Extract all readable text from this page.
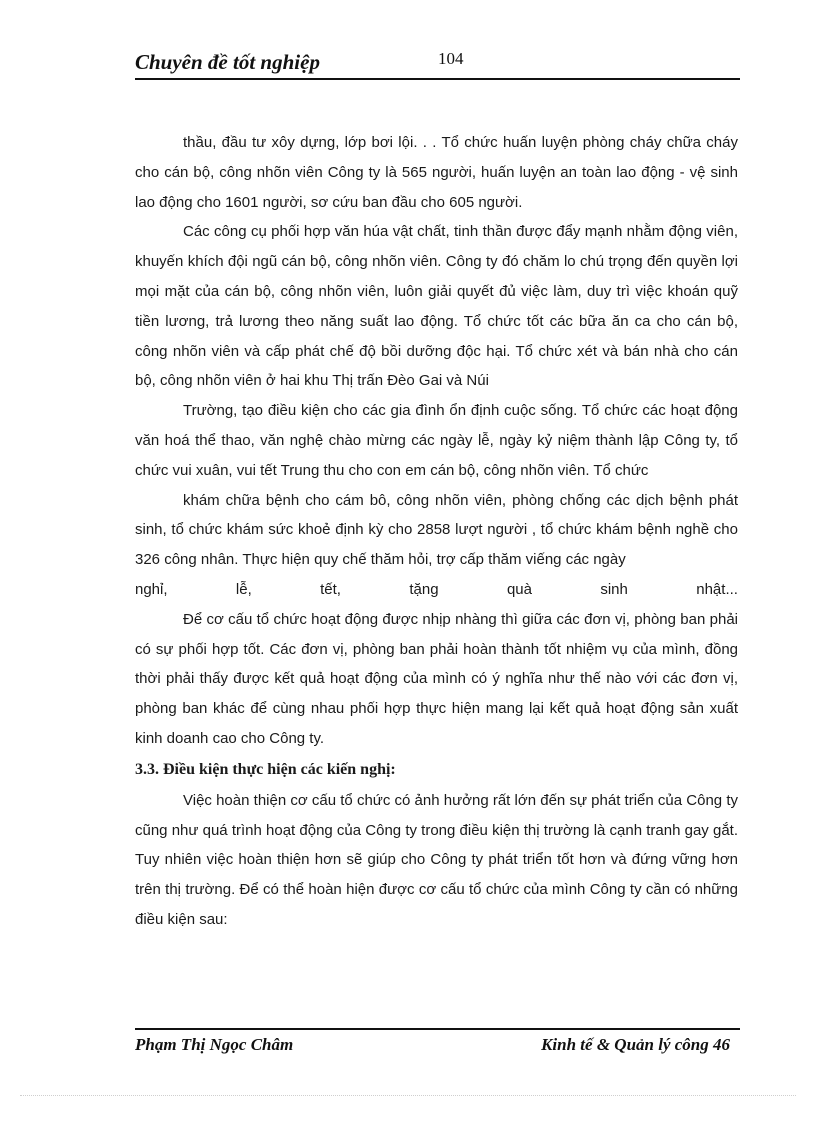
Chuyên đề tốt nghiệp	104

thầu, đầu tư xôy dựng, lớp bơi lội. . . Tổ chức huấn luyện phòng cháy chữa cháy cho cán bộ, công nhõn viên Công ty là 565 người, huấn luyện an toàn lao động - vệ sinh lao động cho 1601 người, sơ cứu ban đầu cho 605 người.

Các công cụ phối hợp văn húa vật chất, tinh thần được đẩy mạnh nhằm động viên, khuyến khích đội ngũ cán bộ, công nhõn viên. Công ty đó chăm lo chú trọng đến quyền lợi mọi mặt của cán bộ, công nhõn viên, luôn giải quyết đủ việc làm, duy trì việc khoán quỹ tiền lương, trả lương theo năng suất lao động. Tổ chức tốt các bữa ăn ca cho cán bộ, công nhõn viên và cấp phát chế độ bồi dưỡng độc hại. Tổ chức xét và bán nhà cho cán bộ, công nhõn viên ở hai khu Thị trấn Đèo Gai và Núi

Trường, tạo điều kiện cho các gia đình ổn định cuộc sống. Tổ chức các hoạt động văn hoá thể thao, văn nghệ chào mừng các ngày lễ, ngày kỷ niệm thành lập Công ty, tổ chức vui xuân, vui tết Trung thu cho con em cán bộ, công nhõn viên. Tổ chức

khám chữa bệnh cho cám bô, công nhõn viên, phòng chống các dịch bệnh phát sinh, tổ chức khám sức khoẻ định kỳ cho 2858 lượt người , tổ chức khám bệnh nghề cho 326 công nhân. Thực hiện quy chế thăm hỏi, trợ cấp thăm viếng các ngày

nghỉ,	lễ,	tết,	tặng	quà	sinh	nhật...

Để cơ cấu tổ chức hoạt động được nhịp nhàng thì giữa các đơn vị, phòng ban phải có sự phối hợp tốt. Các đơn vị, phòng ban phải hoàn thành tốt nhiệm vụ của mình, đồng thời phải thấy được kết quả hoạt động của mình có ý nghĩa như thế nào với các đơn vị, phòng ban khác để cùng nhau phối hợp thực hiện mang lại kết quả hoạt động sản xuất kinh doanh cao cho Công ty.

3.3. Điều kiện thực hiện các kiến nghị:

Việc hoàn thiện cơ cấu tổ chức có ảnh hưởng rất lớn đến sự phát triển của Công ty cũng như quá trình hoạt động của Công ty trong điều kiện thị trường là cạnh tranh gay gắt. Tuy nhiên việc hoàn thiện hơn sẽ giúp cho Công ty phát triển tốt hơn và đứng vững hơn trên thị trường. Để có thể hoàn hiện được cơ cấu tổ chức của mình Công ty cần có những điều kiện sau:

Phạm Thị Ngọc Châm	Kinh tế & Quản lý công 46
